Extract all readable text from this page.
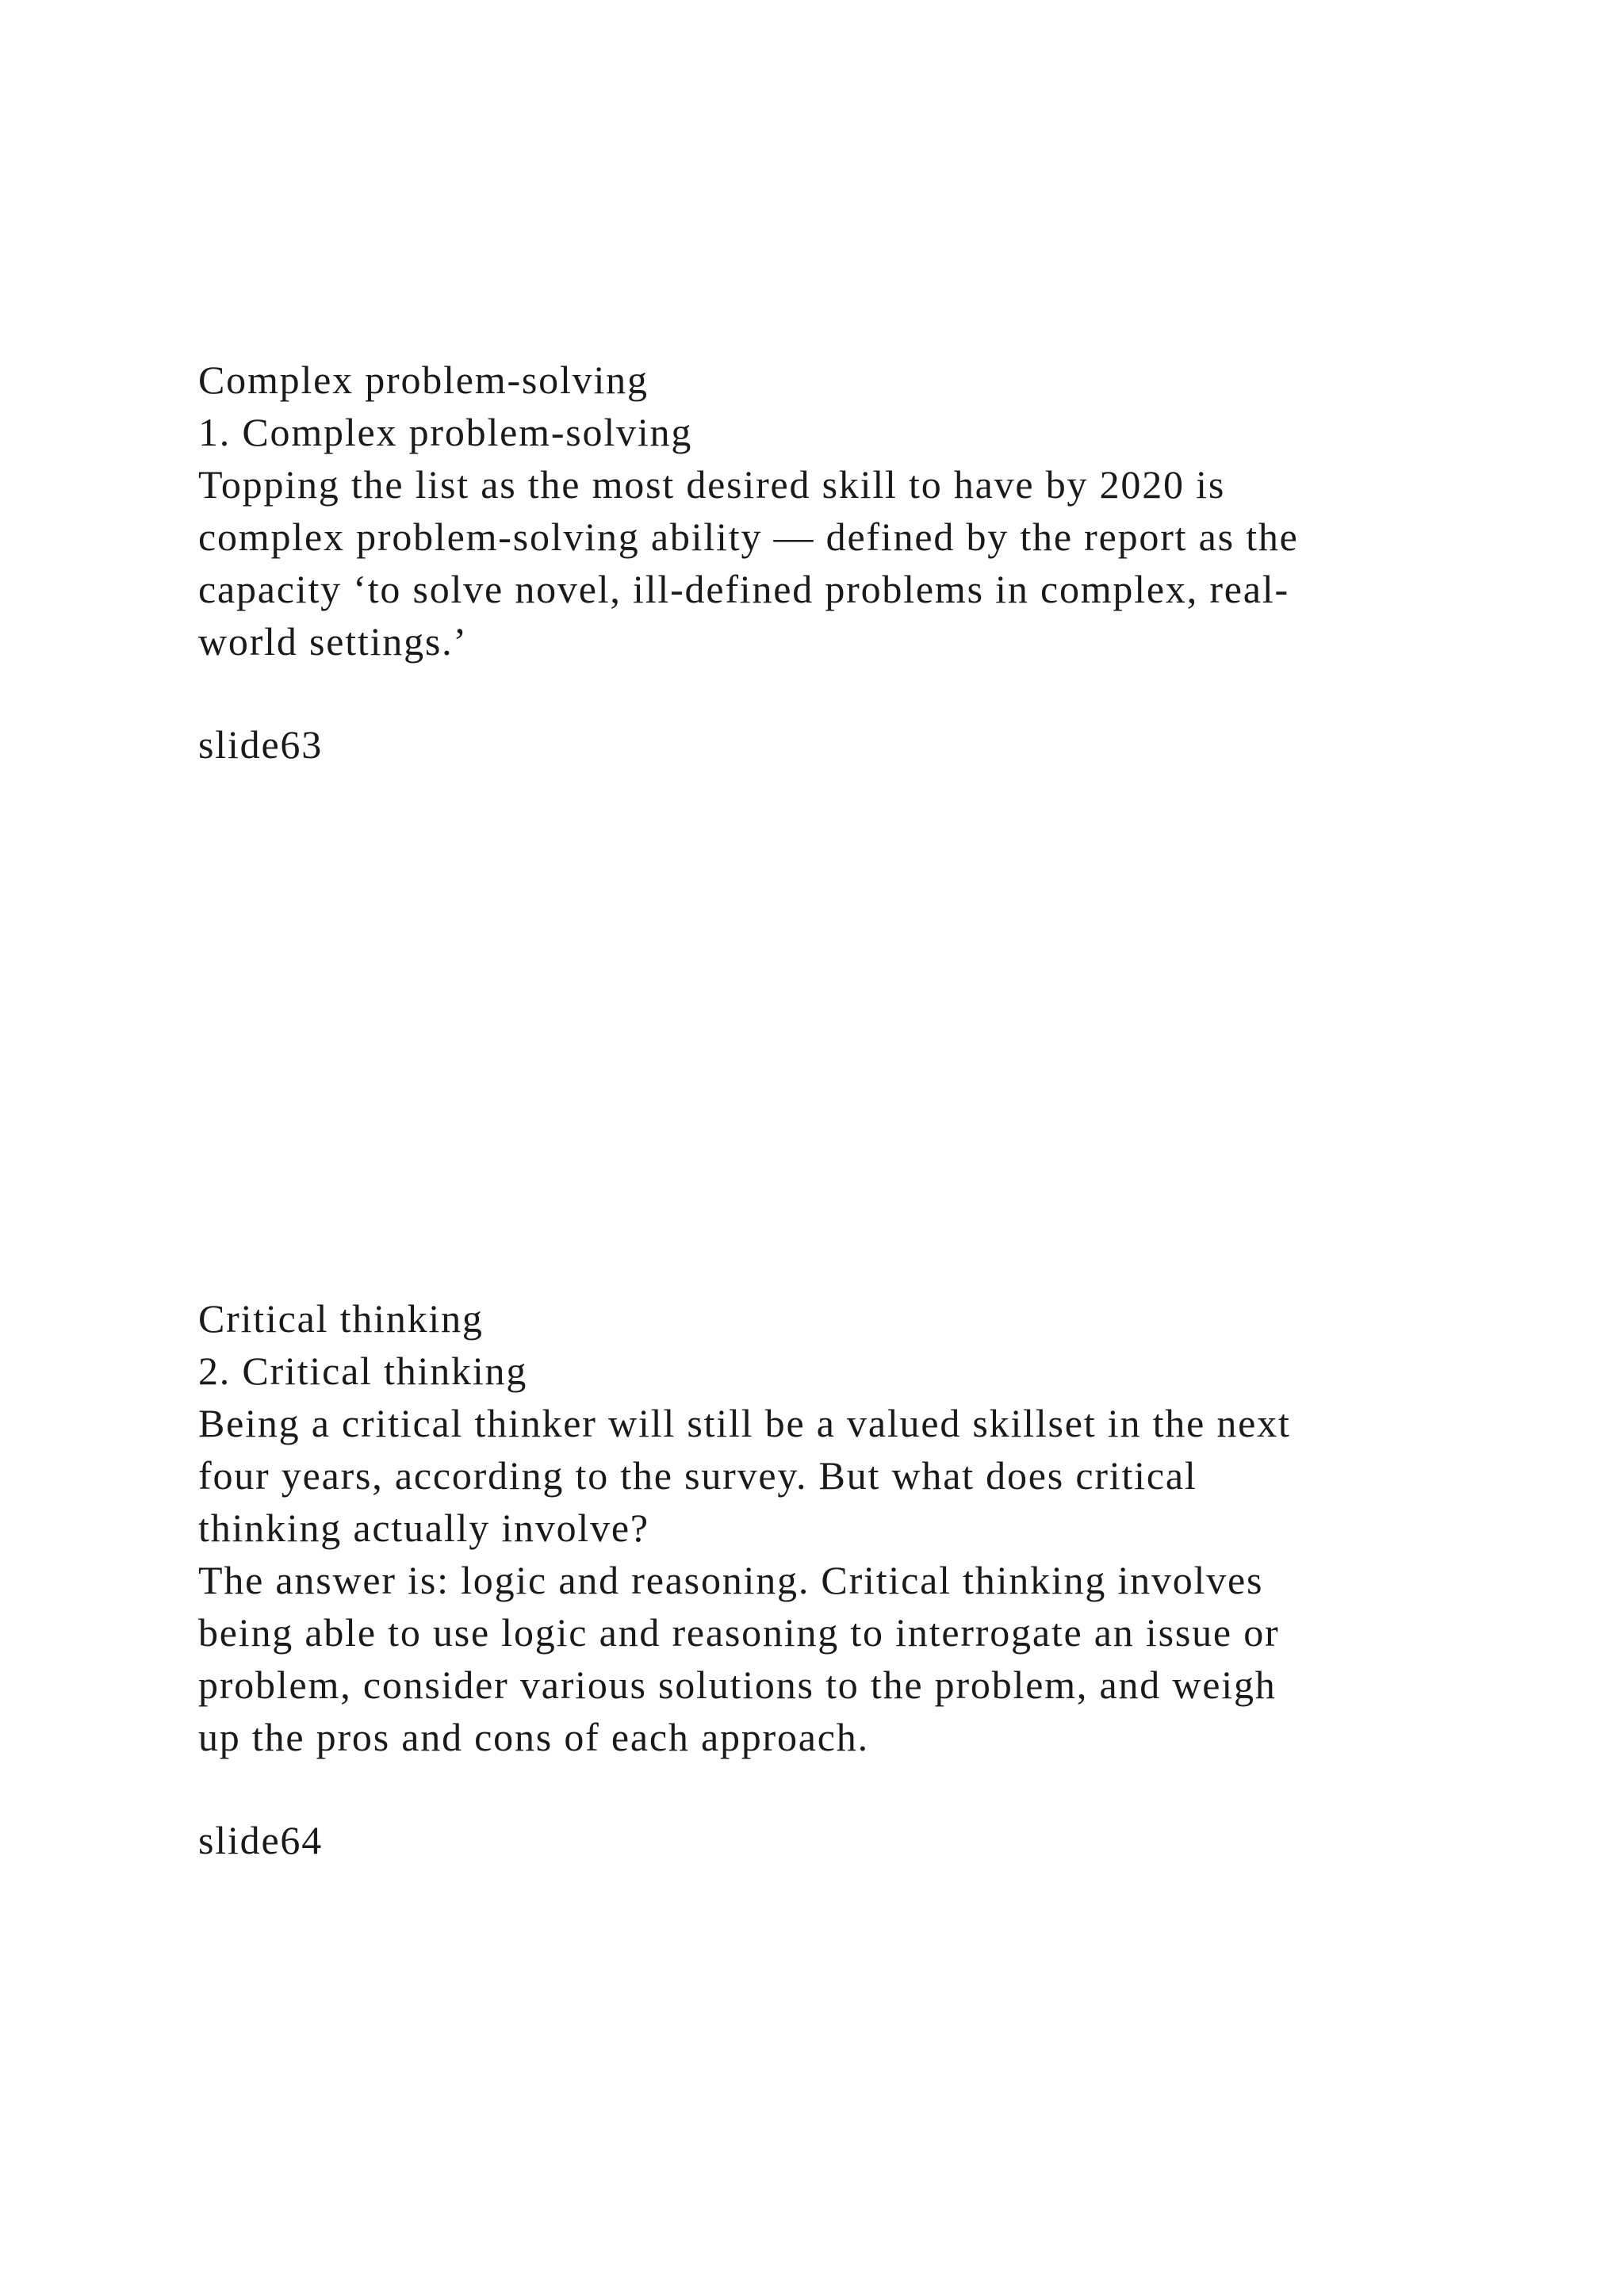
Complex problem-solving
1. Complex problem-solving
Topping the list as the most desired skill to have by 2020 is
complex problem-solving ability — defined by the report as the
capacity ‘to solve novel, ill-defined problems in complex, real-
world settings.’
slide63
Critical thinking
2. Critical thinking
Being a critical thinker will still be a valued skillset in the next
four years, according to the survey. But what does critical
thinking actually involve?
The answer is: logic and reasoning. Critical thinking involves
being able to use logic and reasoning to interrogate an issue or
problem, consider various solutions to the problem, and weigh
up the pros and cons of each approach.
slide64
